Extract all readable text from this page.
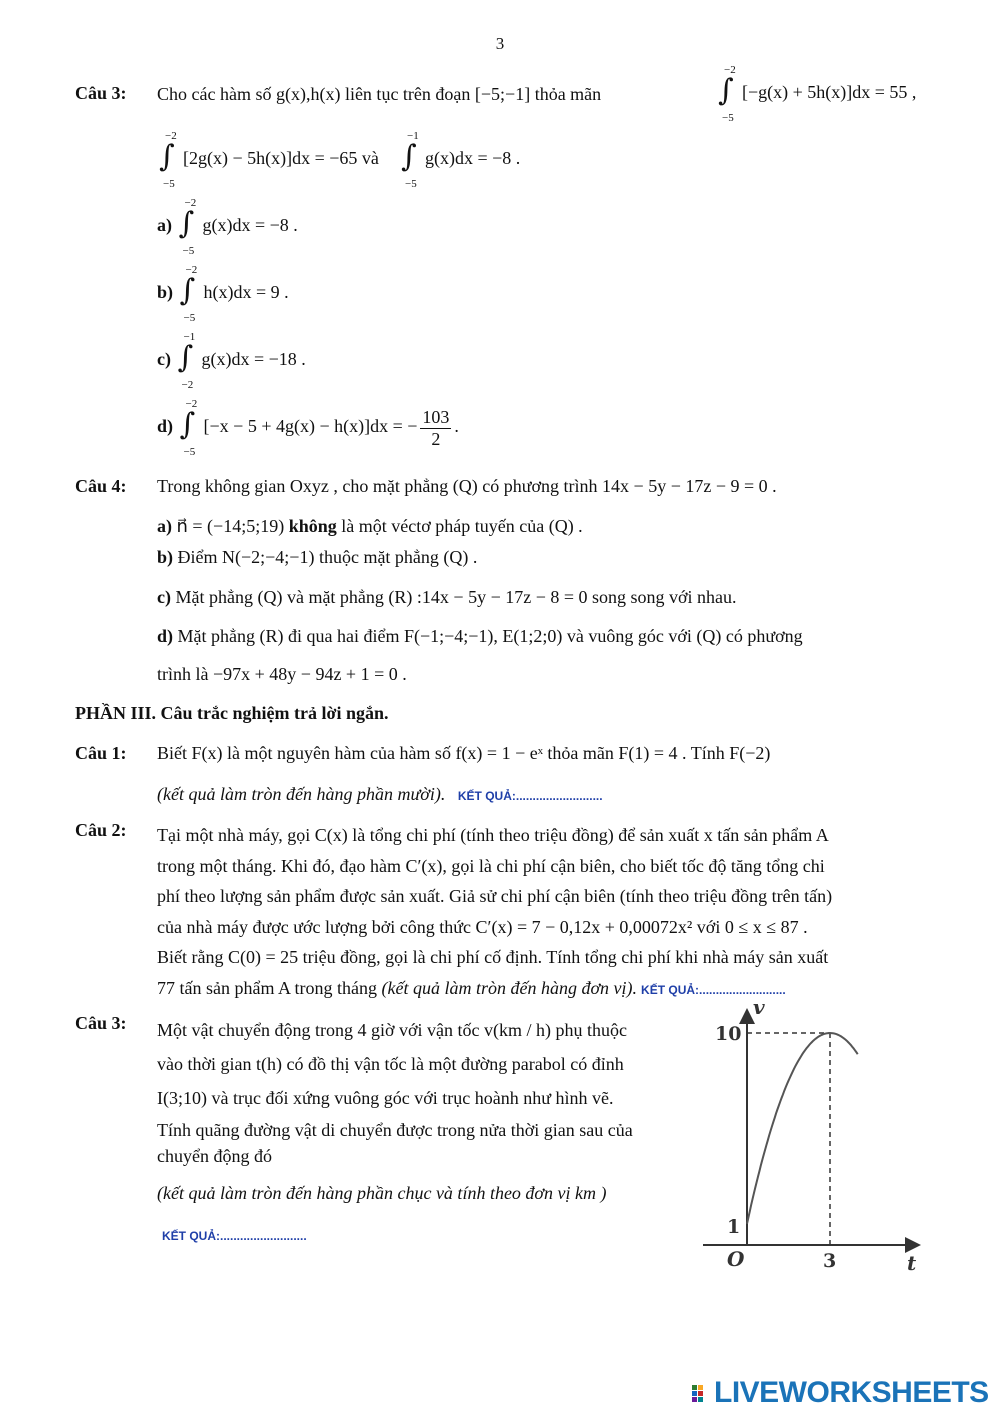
3
Câu 3: Cho các hàm số g(x),h(x) liên tục trên đoạn [−5;−1] thỏa mãn
−2
∫
−5
[−g(x) + 5h(x)]dx = 55 ,
−2
∫
−5
[2g(x) − 5h(x)]dx = −65 và
−1
∫
−5
g(x)dx = −8 .
a)
−2
∫
−5
g(x)dx = −8 .
b)
−2
∫
−5
h(x)dx = 9 .
c)
−1
∫
−2
g(x)dx = −18 .
d)
−2
∫
−5
[−x − 5 + 4g(x) − h(x)]dx = − $\frac{103}{2}$ .
Câu 4: Trong không gian Oxyz , cho mặt phẳng (Q) có phương trình 14x − 5y − 17z − 9 = 0 .
a) n⃗ = (−14;5;19) không là một véctơ pháp tuyến của (Q) .
b) Điểm N(−2;−4;−1) thuộc mặt phẳng (Q) .
c) Mặt phẳng (Q) và mặt phẳng (R) :14x − 5y − 17z − 8 = 0 song song với nhau.
d) Mặt phẳng (R) đi qua hai điểm F(−1;−4;−1), E(1;2;0) và vuông góc với (Q) có phương
trình là −97x + 48y − 94z + 1 = 0 .
PHẦN III. Câu trắc nghiệm trả lời ngắn.
Câu 1: Biết F(x) là một nguyên hàm của hàm số f(x) = 1 − eˣ thỏa mãn F(1) = 4 . Tính F(−2)
(kết quả làm tròn đến hàng phần mười). KẾT QUẢ:..........................
Câu 2: Tại một nhà máy, gọi C(x) là tổng chi phí (tính theo triệu đồng) để sản xuất x tấn sản phẩm A
trong một tháng. Khi đó, đạo hàm C′(x), gọi là chi phí cận biên, cho biết tốc độ tăng tổng chi
phí theo lượng sản phẩm được sản xuất. Giả sử chi phí cận biên (tính theo triệu đồng trên tấn)
của nhà máy được ước lượng bởi công thức C′(x) = 7 − 0,12x + 0,00072x² với 0 ≤ x ≤ 87 .
Biết rằng C(0) = 25 triệu đồng, gọi là chi phí cố định. Tính tổng chi phí khi nhà máy sản xuất
77 tấn sản phẩm A trong tháng (kết quả làm tròn đến hàng đơn vị). KẾT QUẢ:..........................
Câu 3: Một vật chuyển động trong 4 giờ với vận tốc v(km / h) phụ thuộc
vào thời gian t(h) có đồ thị vận tốc là một đường parabol có đỉnh
I(3;10) và trục đối xứng vuông góc với trục hoành như hình vẽ.
Tính quãng đường vật di chuyển được trong nửa thời gian sau của
chuyển động đó
(kết quả làm tròn đến hàng phần chục và tính theo đơn vị km )
KẾT QUẢ:..........................
v
t
O
10
1
3
LIVEWORKSHEETS
